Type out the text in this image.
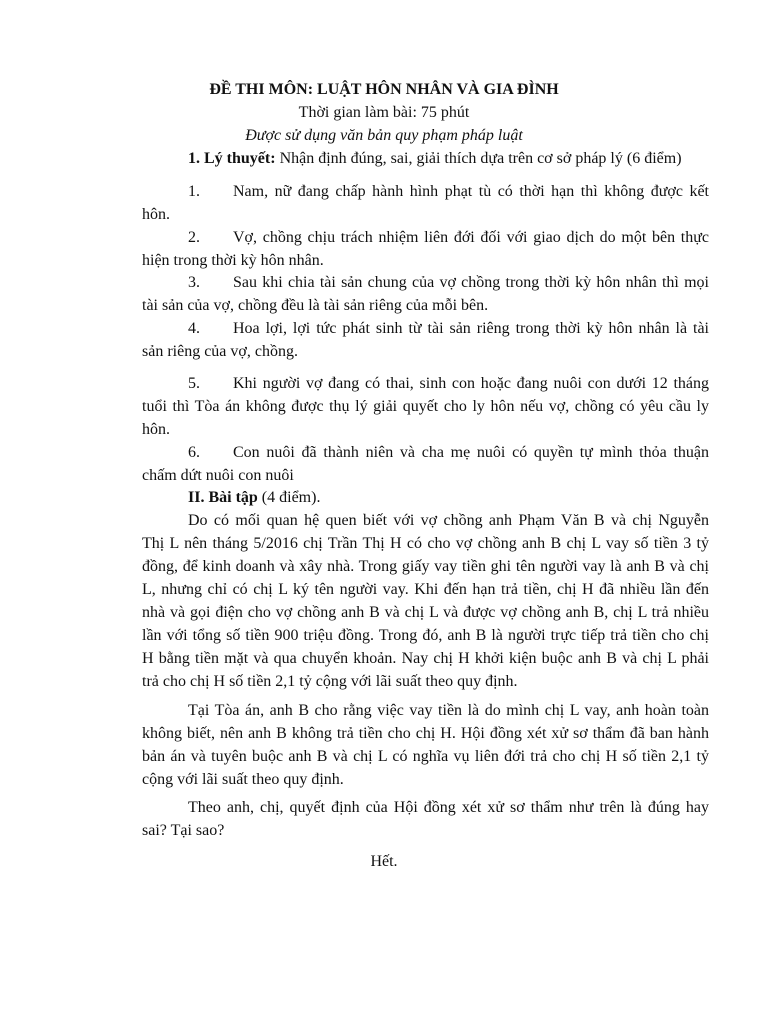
ĐỀ THI MÔN: LUẬT HÔN NHÂN VÀ GIA ĐÌNH
Thời gian làm bài: 75 phút
Được sử dụng văn bản quy phạm pháp luật
1. Lý thuyết: Nhận định đúng, sai, giải thích dựa trên cơ sở pháp lý (6 điểm)
1. Nam, nữ đang chấp hành hình phạt tù có thời hạn thì không được kết
hôn.
2. Vợ, chồng chịu trách nhiệm liên đới đối với giao dịch do một bên thực
hiện trong thời kỳ hôn nhân.
3. Sau khi chia tài sản chung của vợ chồng trong thời kỳ hôn nhân thì mọi
tài sản của vợ, chồng đều là tài sản riêng của mỗi bên.
4. Hoa lợi, lợi tức phát sinh từ tài sản riêng trong thời kỳ hôn nhân là tài
sản riêng của vợ, chồng.
5. Khi người vợ đang có thai, sinh con hoặc đang nuôi con dưới 12 tháng
tuổi thì Tòa án không được thụ lý giải quyết cho ly hôn nếu vợ, chồng có yêu cầu ly
hôn.
6. Con nuôi đã thành niên và cha mẹ nuôi có quyền tự mình thỏa thuận
chấm dứt nuôi con nuôi
II. Bài tập (4 điểm).
Do có mối quan hệ quen biết với vợ chồng anh Phạm Văn B và chị Nguyễn
Thị L nên tháng 5/2016 chị Trần Thị H có cho vợ chồng anh B chị L vay số tiền 3 tỷ
đồng, để kinh doanh và xây nhà. Trong giấy vay tiền ghi tên người vay là anh B và chị
L, nhưng chỉ có chị L ký tên người vay. Khi đến hạn trả tiền, chị H đã nhiều lần đến
nhà và gọi điện cho vợ chồng anh B và chị L và được vợ chồng anh B, chị L trả nhiều
lần với tổng số tiền 900 triệu đồng. Trong đó, anh B là người trực tiếp trả tiền cho chị
H bằng tiền mặt và qua chuyển khoản. Nay chị H khởi kiện buộc anh B và chị L phải
trả cho chị H số tiền 2,1 tỷ cộng với lãi suất theo quy định.
Tại Tòa án, anh B cho rằng việc vay tiền là do mình chị L vay, anh hoàn toàn
không biết, nên anh B không trả tiền cho chị H. Hội đồng xét xử sơ thẩm đã ban hành
bản án và tuyên buộc anh B và chị L có nghĩa vụ liên đới trả cho chị H số tiền 2,1 tỷ
cộng với lãi suất theo quy định.
Theo anh, chị, quyết định của Hội đồng xét xử sơ thẩm như trên là đúng hay
sai? Tại sao?
Hết.
